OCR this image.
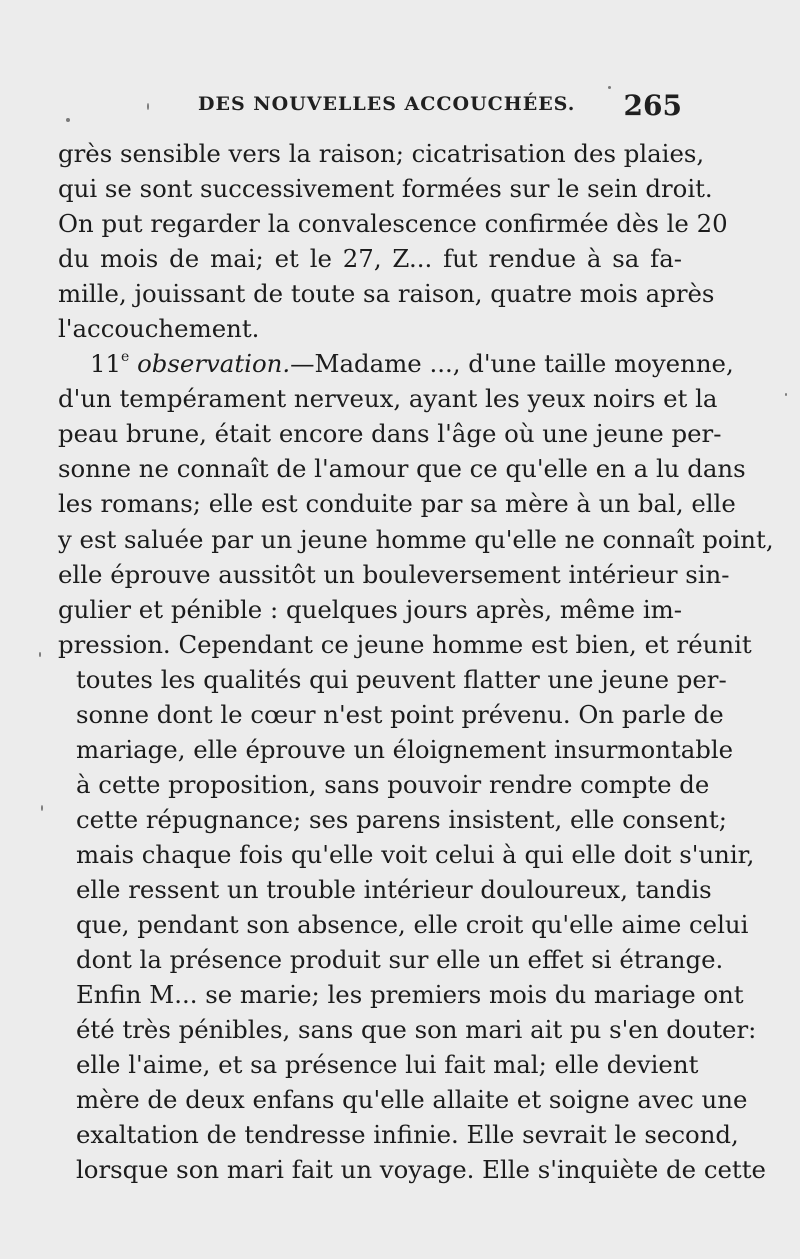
DES NOUVELLES ACCOUCHÉES. 265
grès sensible vers la raison; cicatrisation des plaies,
qui se sont successivement formées sur le sein droit.
On put regarder la convalescence confirmée dès le 20
du mois de mai; et le 27, Z... fut rendue à sa fa-
mille, jouissant de toute sa raison, quatre mois après
l'accouchement.
11e observation.—Madame ..., d'une taille moyenne,
d'un tempérament nerveux, ayant les yeux noirs et la
peau brune, était encore dans l'âge où une jeune per-
sonne ne connaît de l'amour que ce qu'elle en a lu dans
les romans; elle est conduite par sa mère à un bal, elle
y est saluée par un jeune homme qu'elle ne connaît point,
elle éprouve aussitôt un bouleversement intérieur sin-
gulier et pénible : quelques jours après, même im-
pression. Cependant ce jeune homme est bien, et réunit
toutes les qualités qui peuvent flatter une jeune per-
sonne dont le cœur n'est point prévenu. On parle de
mariage, elle éprouve un éloignement insurmontable
à cette proposition, sans pouvoir rendre compte de
cette répugnance; ses parens insistent, elle consent;
mais chaque fois qu'elle voit celui à qui elle doit s'unir,
elle ressent un trouble intérieur douloureux, tandis
que, pendant son absence, elle croit qu'elle aime celui
dont la présence produit sur elle un effet si étrange.
Enfin M... se marie; les premiers mois du mariage ont
été très pénibles, sans que son mari ait pu s'en douter:
elle l'aime, et sa présence lui fait mal; elle devient
mère de deux enfans qu'elle allaite et soigne avec une
exaltation de tendresse infinie. Elle sevrait le second,
lorsque son mari fait un voyage. Elle s'inquiète de cette
